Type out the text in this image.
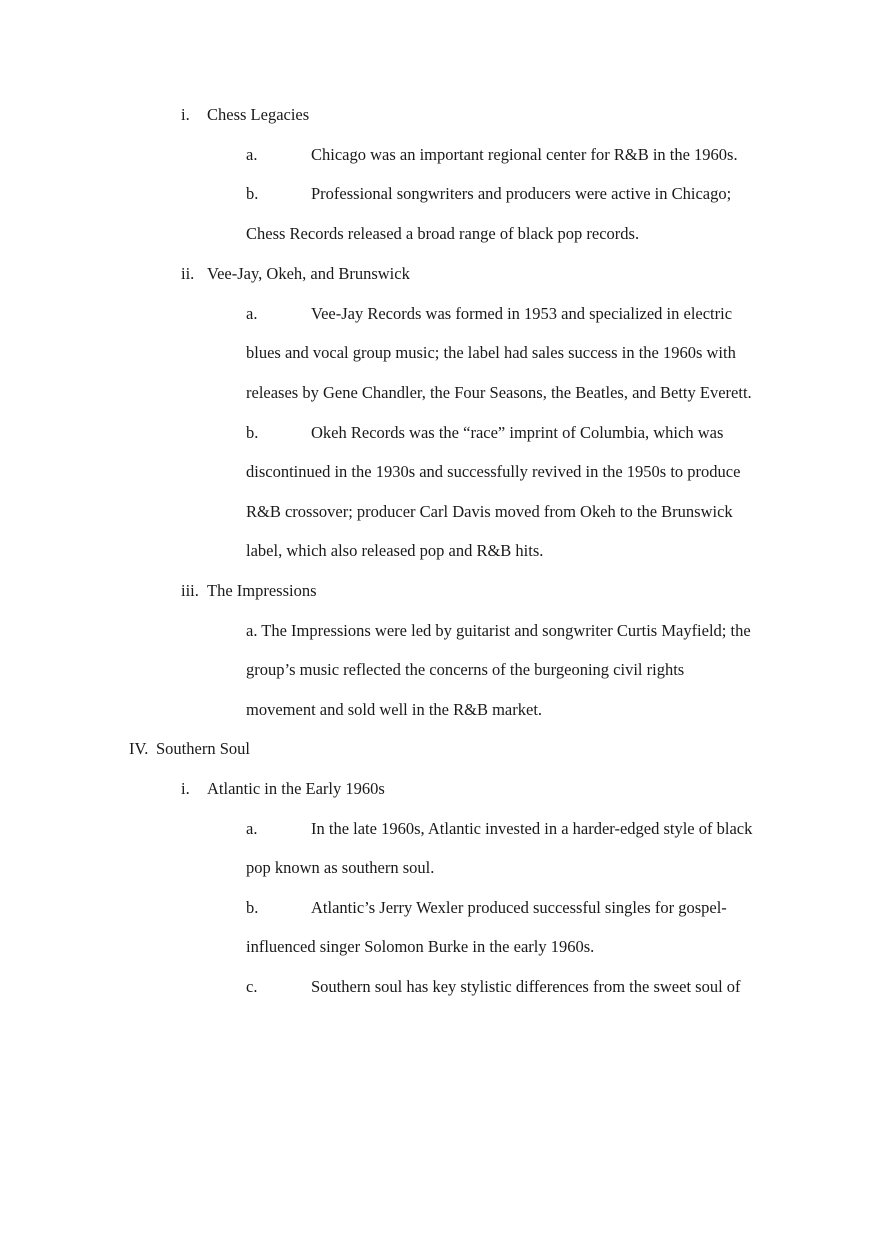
i. Chess Legacies
a.	Chicago was an important regional center for R&B in the 1960s.
b.	Professional songwriters and producers were active in Chicago;
Chess Records released a broad range of black pop records.
ii. Vee-Jay, Okeh, and Brunswick
a.	Vee-Jay Records was formed in 1953 and specialized in electric
blues and vocal group music; the label had sales success in the 1960s with
releases by Gene Chandler, the Four Seasons, the Beatles, and Betty Everett.
b.	Okeh Records was the “race” imprint of Columbia, which was
discontinued in the 1930s and successfully revived in the 1950s to produce
R&B crossover; producer Carl Davis moved from Okeh to the Brunswick
label, which also released pop and R&B hits.
iii. The Impressions
a. The Impressions were led by guitarist and songwriter Curtis Mayfield; the
group’s music reflected the concerns of the burgeoning civil rights
movement and sold well in the R&B market.
IV. Southern Soul
i. Atlantic in the Early 1960s
a.	In the late 1960s, Atlantic invested in a harder-edged style of black
pop known as southern soul.
b.	Atlantic’s Jerry Wexler produced successful singles for gospel-
influenced singer Solomon Burke in the early 1960s.
c.	Southern soul has key stylistic differences from the sweet soul of
